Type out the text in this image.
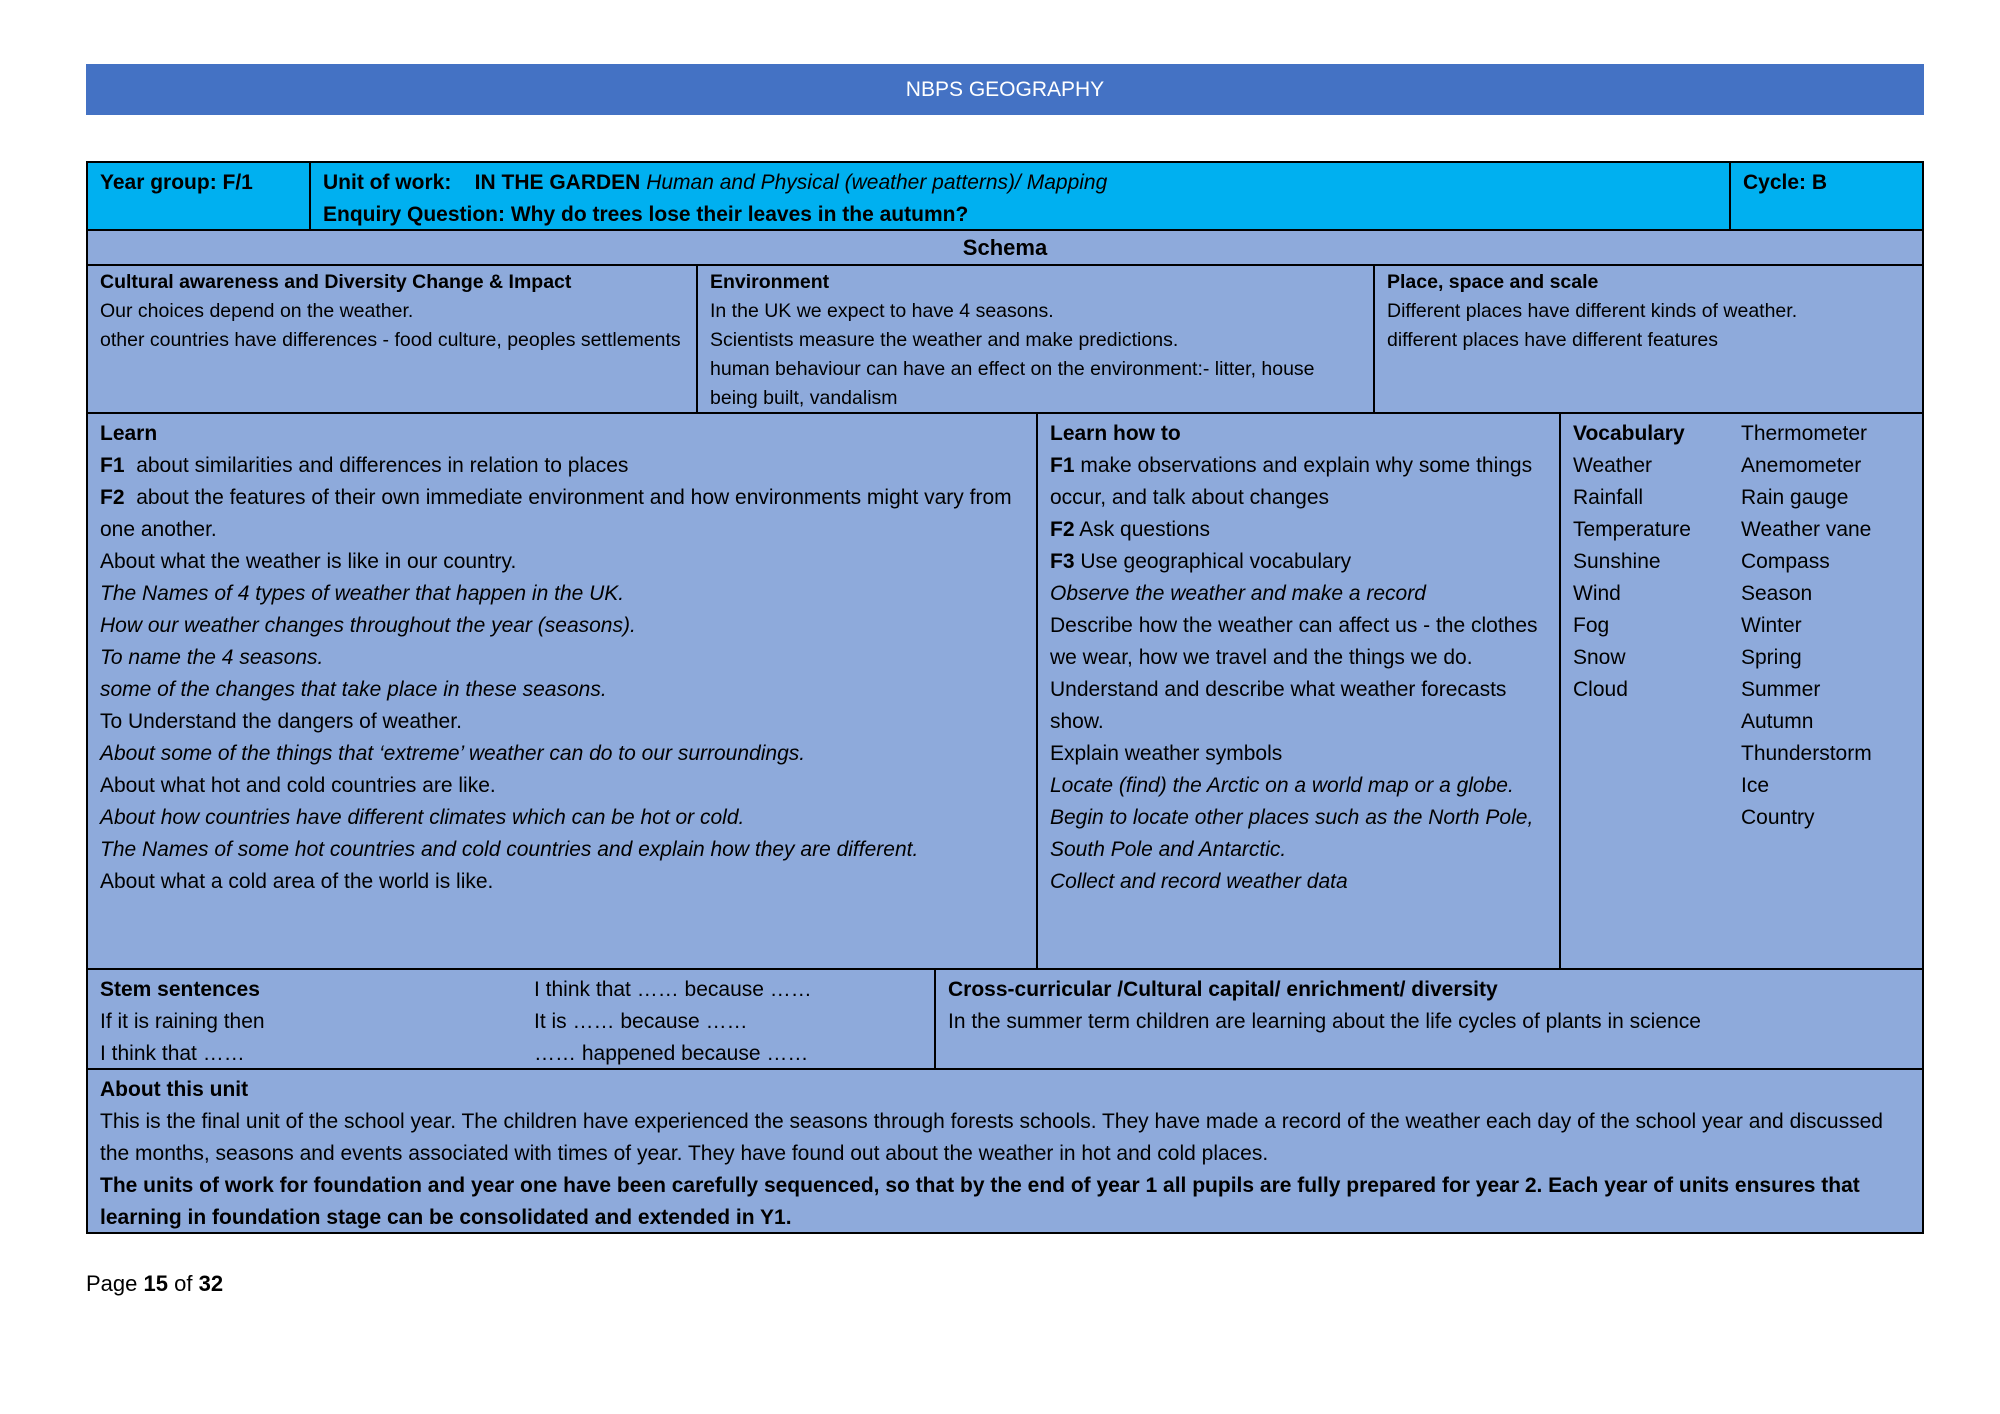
NBPS GEOGRAPHY
Year group: F/1	Unit of work: IN THE GARDEN Human and Physical (weather patterns)/ Mapping
Enquiry Question: Why do trees lose their leaves in the autumn?
Cycle: B
Schema
Cultural awareness and Diversity Change & Impact
Our choices depend on the weather.
other countries have differences - food culture, peoples settlements
Environment
In the UK we expect to have 4 seasons.
Scientists measure the weather and make predictions.
human behaviour can have an effect on the environment:- litter, house being built, vandalism
Place, space and scale
Different places have different kinds of weather.
different places have different features
Learn
F1 about similarities and differences in relation to places
F2 about the features of their own immediate environment and how environments might vary from one another.
About what the weather is like in our country.
The Names of 4 types of weather that happen in the UK.
How our weather changes throughout the year (seasons).
To name the 4 seasons.
some of the changes that take place in these seasons.
To Understand the dangers of weather.
About some of the things that ‘extreme’ weather can do to our surroundings.
About what hot and cold countries are like.
About how countries have different climates which can be hot or cold.
The Names of some hot countries and cold countries and explain how they are different.
About what a cold area of the world is like.
Learn how to
F1 make observations and explain why some things occur, and talk about changes
F2 Ask questions
F3 Use geographical vocabulary
Observe the weather and make a record
Describe how the weather can affect us - the clothes we wear, how we travel and the things we do.
Understand and describe what weather forecasts show.
Explain weather symbols
Locate (find) the Arctic on a world map or a globe.
Begin to locate other places such as the North Pole, South Pole and Antarctic.
Collect and record weather data
Vocabulary
Weather
Rainfall
Temperature
Sunshine
Wind
Fog
Snow
Cloud
Thermometer
Anemometer
Rain gauge
Weather vane
Compass
Season
Winter
Spring
Summer
Autumn
Thunderstorm
Ice
Country
Stem sentences
If it is raining then
I think that ……
I think that …… because ……
It is …… because ……
…… happened because ……
Cross-curricular /Cultural capital/ enrichment/ diversity
In the summer term children are learning about the life cycles of plants in science
About this unit
This is the final unit of the school year. The children have experienced the seasons through forests schools. They have made a record of the weather each day of the school year and discussed the months, seasons and events associated with times of year. They have found out about the weather in hot and cold places.
The units of work for foundation and year one have been carefully sequenced, so that by the end of year 1 all pupils are fully prepared for year 2. Each year of units ensures that learning in foundation stage can be consolidated and extended in Y1.
Page 15 of 32
